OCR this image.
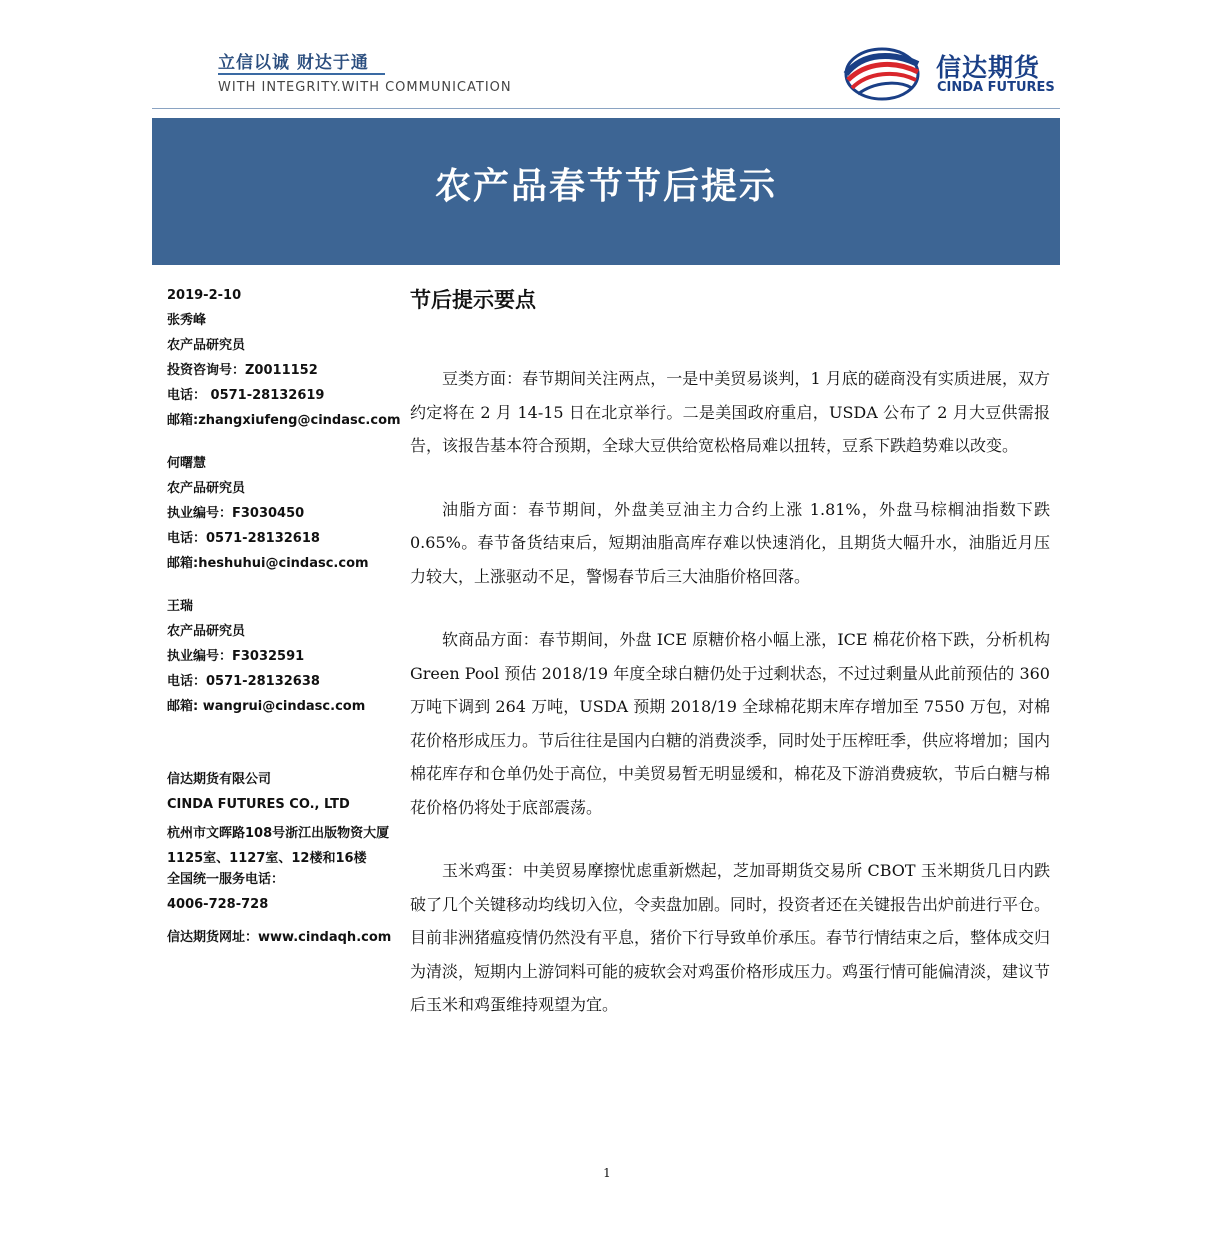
立信以诚 财达于通
WITH INTEGRITY.WITH COMMUNICATION
信达期货
CINDA FUTURES
农产品春节节后提示
2019-2-10
张秀峰
农产品研究员
投资咨询号：Z0011152
电话： 0571-28132619
邮箱:zhangxiufeng@cindasc.com
何曙慧
农产品研究员
执业编号：F3030450
电话：0571-28132618
邮箱:heshuhui@cindasc.com
王瑞
农产品研究员
执业编号：F3032591
电话：0571-28132638
邮箱: wangrui@cindasc.com
信达期货有限公司
CINDA FUTURES CO., LTD
杭州市文晖路108号浙江出版物资大厦1125室、1127室、12楼和16楼
全国统一服务电话：
4006-728-728
信达期货网址：www.cindaqh.com
节后提示要点

豆类方面：春节期间关注两点，一是中美贸易谈判，1 月底的磋商没有实质进展，双方约定将在 2 月 14-15 日在北京举行。二是美国政府重启，USDA 公布了 2 月大豆供需报告，该报告基本符合预期，全球大豆供给宽松格局难以扭转，豆系下跌趋势难以改变。

油脂方面：春节期间，外盘美豆油主力合约上涨 1.81%，外盘马棕榈油指数下跌 0.65%。春节备货结束后，短期油脂高库存难以快速消化，且期货大幅升水，油脂近月压力较大，上涨驱动不足，警惕春节后三大油脂价格回落。

软商品方面：春节期间，外盘 ICE 原糖价格小幅上涨，ICE 棉花价格下跌，分析机构 Green Pool 预估 2018/19 年度全球白糖仍处于过剩状态，不过过剩量从此前预估的 360 万吨下调到 264 万吨，USDA 预期 2018/19 全球棉花期末库存增加至 7550 万包，对棉花价格形成压力。节后往往是国内白糖的消费淡季，同时处于压榨旺季，供应将增加；国内棉花库存和仓单仍处于高位，中美贸易暂无明显缓和，棉花及下游消费疲软，节后白糖与棉花价格仍将处于底部震荡。

玉米鸡蛋：中美贸易摩擦忧虑重新燃起，芝加哥期货交易所 CBOT 玉米期货几日内跌破了几个关键移动均线切入位，令卖盘加剧。同时，投资者还在关键报告出炉前进行平仓。目前非洲猪瘟疫情仍然没有平息，猪价下行导致单价承压。春节行情结束之后，整体成交归为清淡，短期内上游饲料可能的疲软会对鸡蛋价格形成压力。鸡蛋行情可能偏清淡，建议节后玉米和鸡蛋维持观望为宜。

1
